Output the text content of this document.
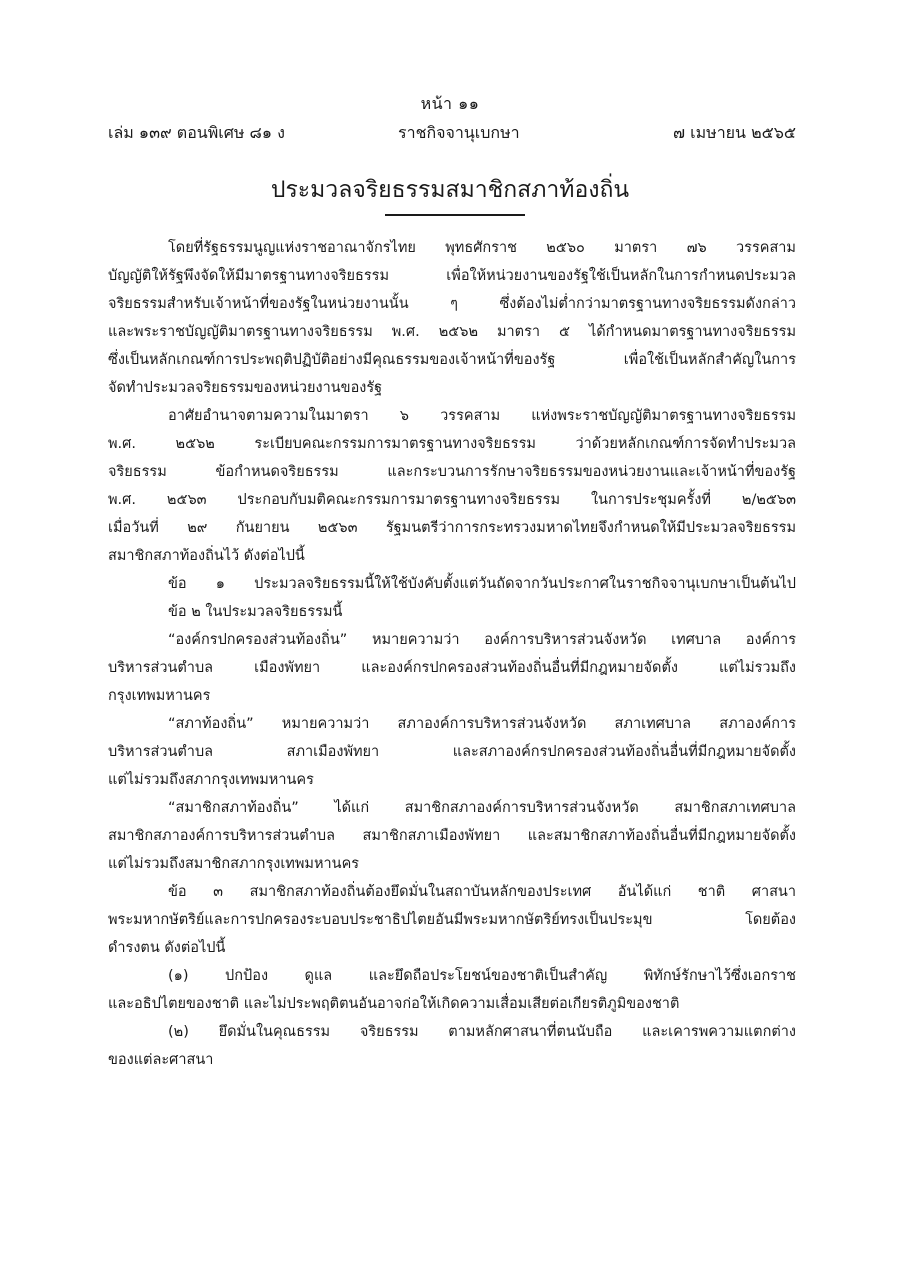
หน้า ๑๑
เล่ม ๑๓๙ ตอนพิเศษ ๘๑ ง	ราชกิจจานุเบกษา	๗ เมษายน ๒๕๖๕
ประมวลจริยธรรมสมาชิกสภาท้องถิ่น
โดยที่รัฐธรรมนูญแห่งราชอาณาจักรไทย พุทธศักราช ๒๕๖๐ มาตรา ๗๖ วรรคสาม
บัญญัติให้รัฐพึงจัดให้มีมาตรฐานทางจริยธรรม เพื่อให้หน่วยงานของรัฐใช้เป็นหลักในการกำหนดประมวล
จริยธรรมสำหรับเจ้าหน้าที่ของรัฐในหน่วยงานนั้น ๆ ซึ่งต้องไม่ต่ำกว่ามาตรฐานทางจริยธรรมดังกล่าว
และพระราชบัญญัติมาตรฐานทางจริยธรรม พ.ศ. ๒๕๖๒ มาตรา ๕ ได้กำหนดมาตรฐานทางจริยธรรม
ซึ่งเป็นหลักเกณฑ์การประพฤติปฏิบัติอย่างมีคุณธรรมของเจ้าหน้าที่ของรัฐ เพื่อใช้เป็นหลักสำคัญในการ
จัดทำประมวลจริยธรรมของหน่วยงานของรัฐ
อาศัยอำนาจตามความในมาตรา ๖ วรรคสาม แห่งพระราชบัญญัติมาตรฐานทางจริยธรรม
พ.ศ. ๒๕๖๒ ระเบียบคณะกรรมการมาตรฐานทางจริยธรรม ว่าด้วยหลักเกณฑ์การจัดทำประมวล
จริยธรรม ข้อกำหนดจริยธรรม และกระบวนการรักษาจริยธรรมของหน่วยงานและเจ้าหน้าที่ของรัฐ
พ.ศ. ๒๕๖๓ ประกอบกับมติคณะกรรมการมาตรฐานทางจริยธรรม ในการประชุมครั้งที่ ๒/๒๕๖๓
เมื่อวันที่ ๒๙ กันยายน ๒๕๖๓ รัฐมนตรีว่าการกระทรวงมหาดไทยจึงกำหนดให้มีประมวลจริยธรรม
สมาชิกสภาท้องถิ่นไว้ ดังต่อไปนี้
ข้อ ๑ ประมวลจริยธรรมนี้ให้ใช้บังคับตั้งแต่วันถัดจากวันประกาศในราชกิจจานุเบกษาเป็นต้นไป
ข้อ ๒ ในประมวลจริยธรรมนี้
“องค์กรปกครองส่วนท้องถิ่น” หมายความว่า องค์การบริหารส่วนจังหวัด เทศบาล องค์การ
บริหารส่วนตำบล เมืองพัทยา และองค์กรปกครองส่วนท้องถิ่นอื่นที่มีกฎหมายจัดตั้ง แต่ไม่รวมถึง
กรุงเทพมหานคร
“สภาท้องถิ่น” หมายความว่า สภาองค์การบริหารส่วนจังหวัด สภาเทศบาล สภาองค์การ
บริหารส่วนตำบล สภาเมืองพัทยา และสภาองค์กรปกครองส่วนท้องถิ่นอื่นที่มีกฎหมายจัดตั้ง
แต่ไม่รวมถึงสภากรุงเทพมหานคร
“สมาชิกสภาท้องถิ่น” ได้แก่ สมาชิกสภาองค์การบริหารส่วนจังหวัด สมาชิกสภาเทศบาล
สมาชิกสภาองค์การบริหารส่วนตำบล สมาชิกสภาเมืองพัทยา และสมาชิกสภาท้องถิ่นอื่นที่มีกฎหมายจัดตั้ง
แต่ไม่รวมถึงสมาชิกสภากรุงเทพมหานคร
ข้อ ๓ สมาชิกสภาท้องถิ่นต้องยึดมั่นในสถาบันหลักของประเทศ อันได้แก่ ชาติ ศาสนา
พระมหากษัตริย์และการปกครองระบอบประชาธิปไตยอันมีพระมหากษัตริย์ทรงเป็นประมุข โดยต้อง
ดำรงตน ดังต่อไปนี้
(๑) ปกป้อง ดูแล และยึดถือประโยชน์ของชาติเป็นสำคัญ พิทักษ์รักษาไว้ซึ่งเอกราช
และอธิปไตยของชาติ และไม่ประพฤติตนอันอาจก่อให้เกิดความเสื่อมเสียต่อเกียรติภูมิของชาติ
(๒) ยึดมั่นในคุณธรรม จริยธรรม ตามหลักศาสนาที่ตนนับถือ และเคารพความแตกต่าง
ของแต่ละศาสนา
